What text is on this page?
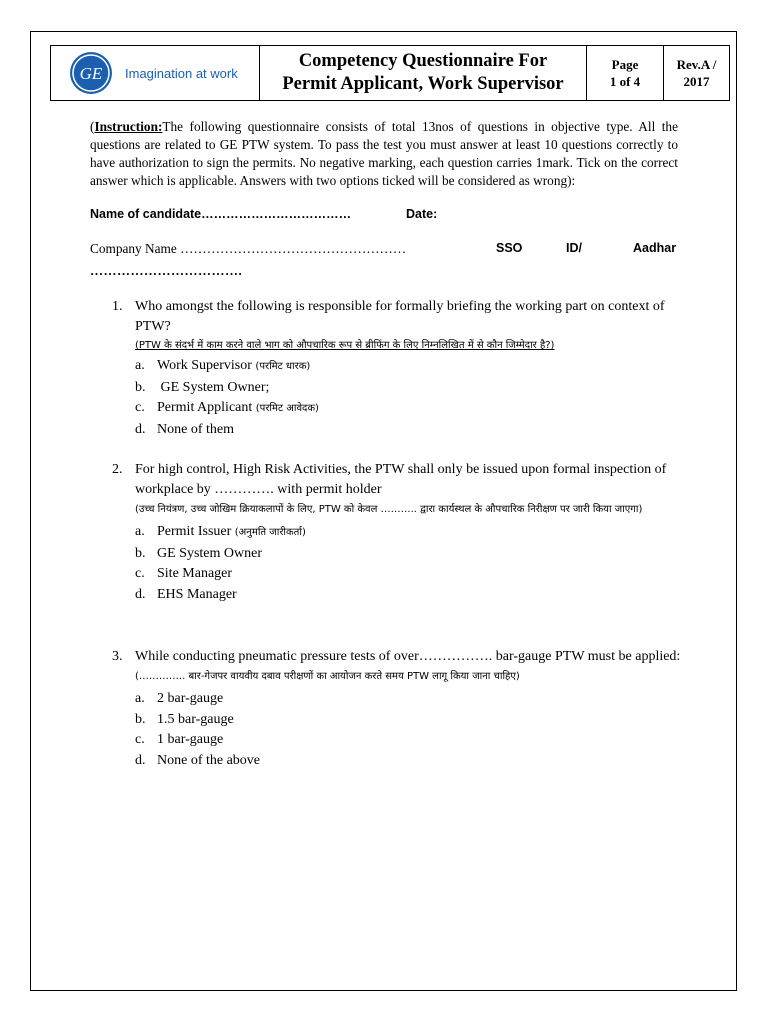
GE Imagination at work

Competency Questionnaire For
Permit Applicant, Work Supervisor

Page
1 of 4

Rev.A /
2017
(Instruction:The following questionnaire consists of total 13nos of questions in objective type. All the questions are related to GE PTW system. To pass the test you must answer at least 10 questions correctly to have authorization to sign the permits. No negative marking, each question carries 1mark. Tick on the correct answer which is applicable. Answers with two options ticked will be considered as wrong):
Name of candidate………………………………	Date:
Company Name ……………………………………………	SSO	ID/	Aadhar
…………………………….
1. Who amongst the following is responsible for formally briefing the working part on context of PTW?
(PTW के संदर्भ में काम करने वाले भाग को औपचारिक रूप से ब्रीफिंग के लिए निम्नलिखित में से कौन जिम्मेदार है?)
a. Work Supervisor (परमिट धारक)
b. GE System Owner;
c. Permit Applicant (परमिट आवेदक)
d. None of them
2. For high control, High Risk Activities, the PTW shall only be issued upon formal inspection of workplace by …………. with permit holder
(उच्च नियंत्रण, उच्च जोखिम क्रियाकलापों के लिए, PTW को केवल ……….. द्वारा कार्यस्थल के औपचारिक निरीक्षण पर जारी किया जाएगा)
a. Permit Issuer (अनुमति जारीकर्ता)
b. GE System Owner
c. Site Manager
d. EHS Manager
3. While conducting pneumatic pressure tests of over……………. bar-gauge PTW must be applied:
(………….. बार-गेजपर वायवीय दबाव परीक्षणों का आयोजन करते समय PTW लागू किया जाना चाहिए)
a. 2 bar-gauge
b. 1.5 bar-gauge
c. 1 bar-gauge
d. None of the above
